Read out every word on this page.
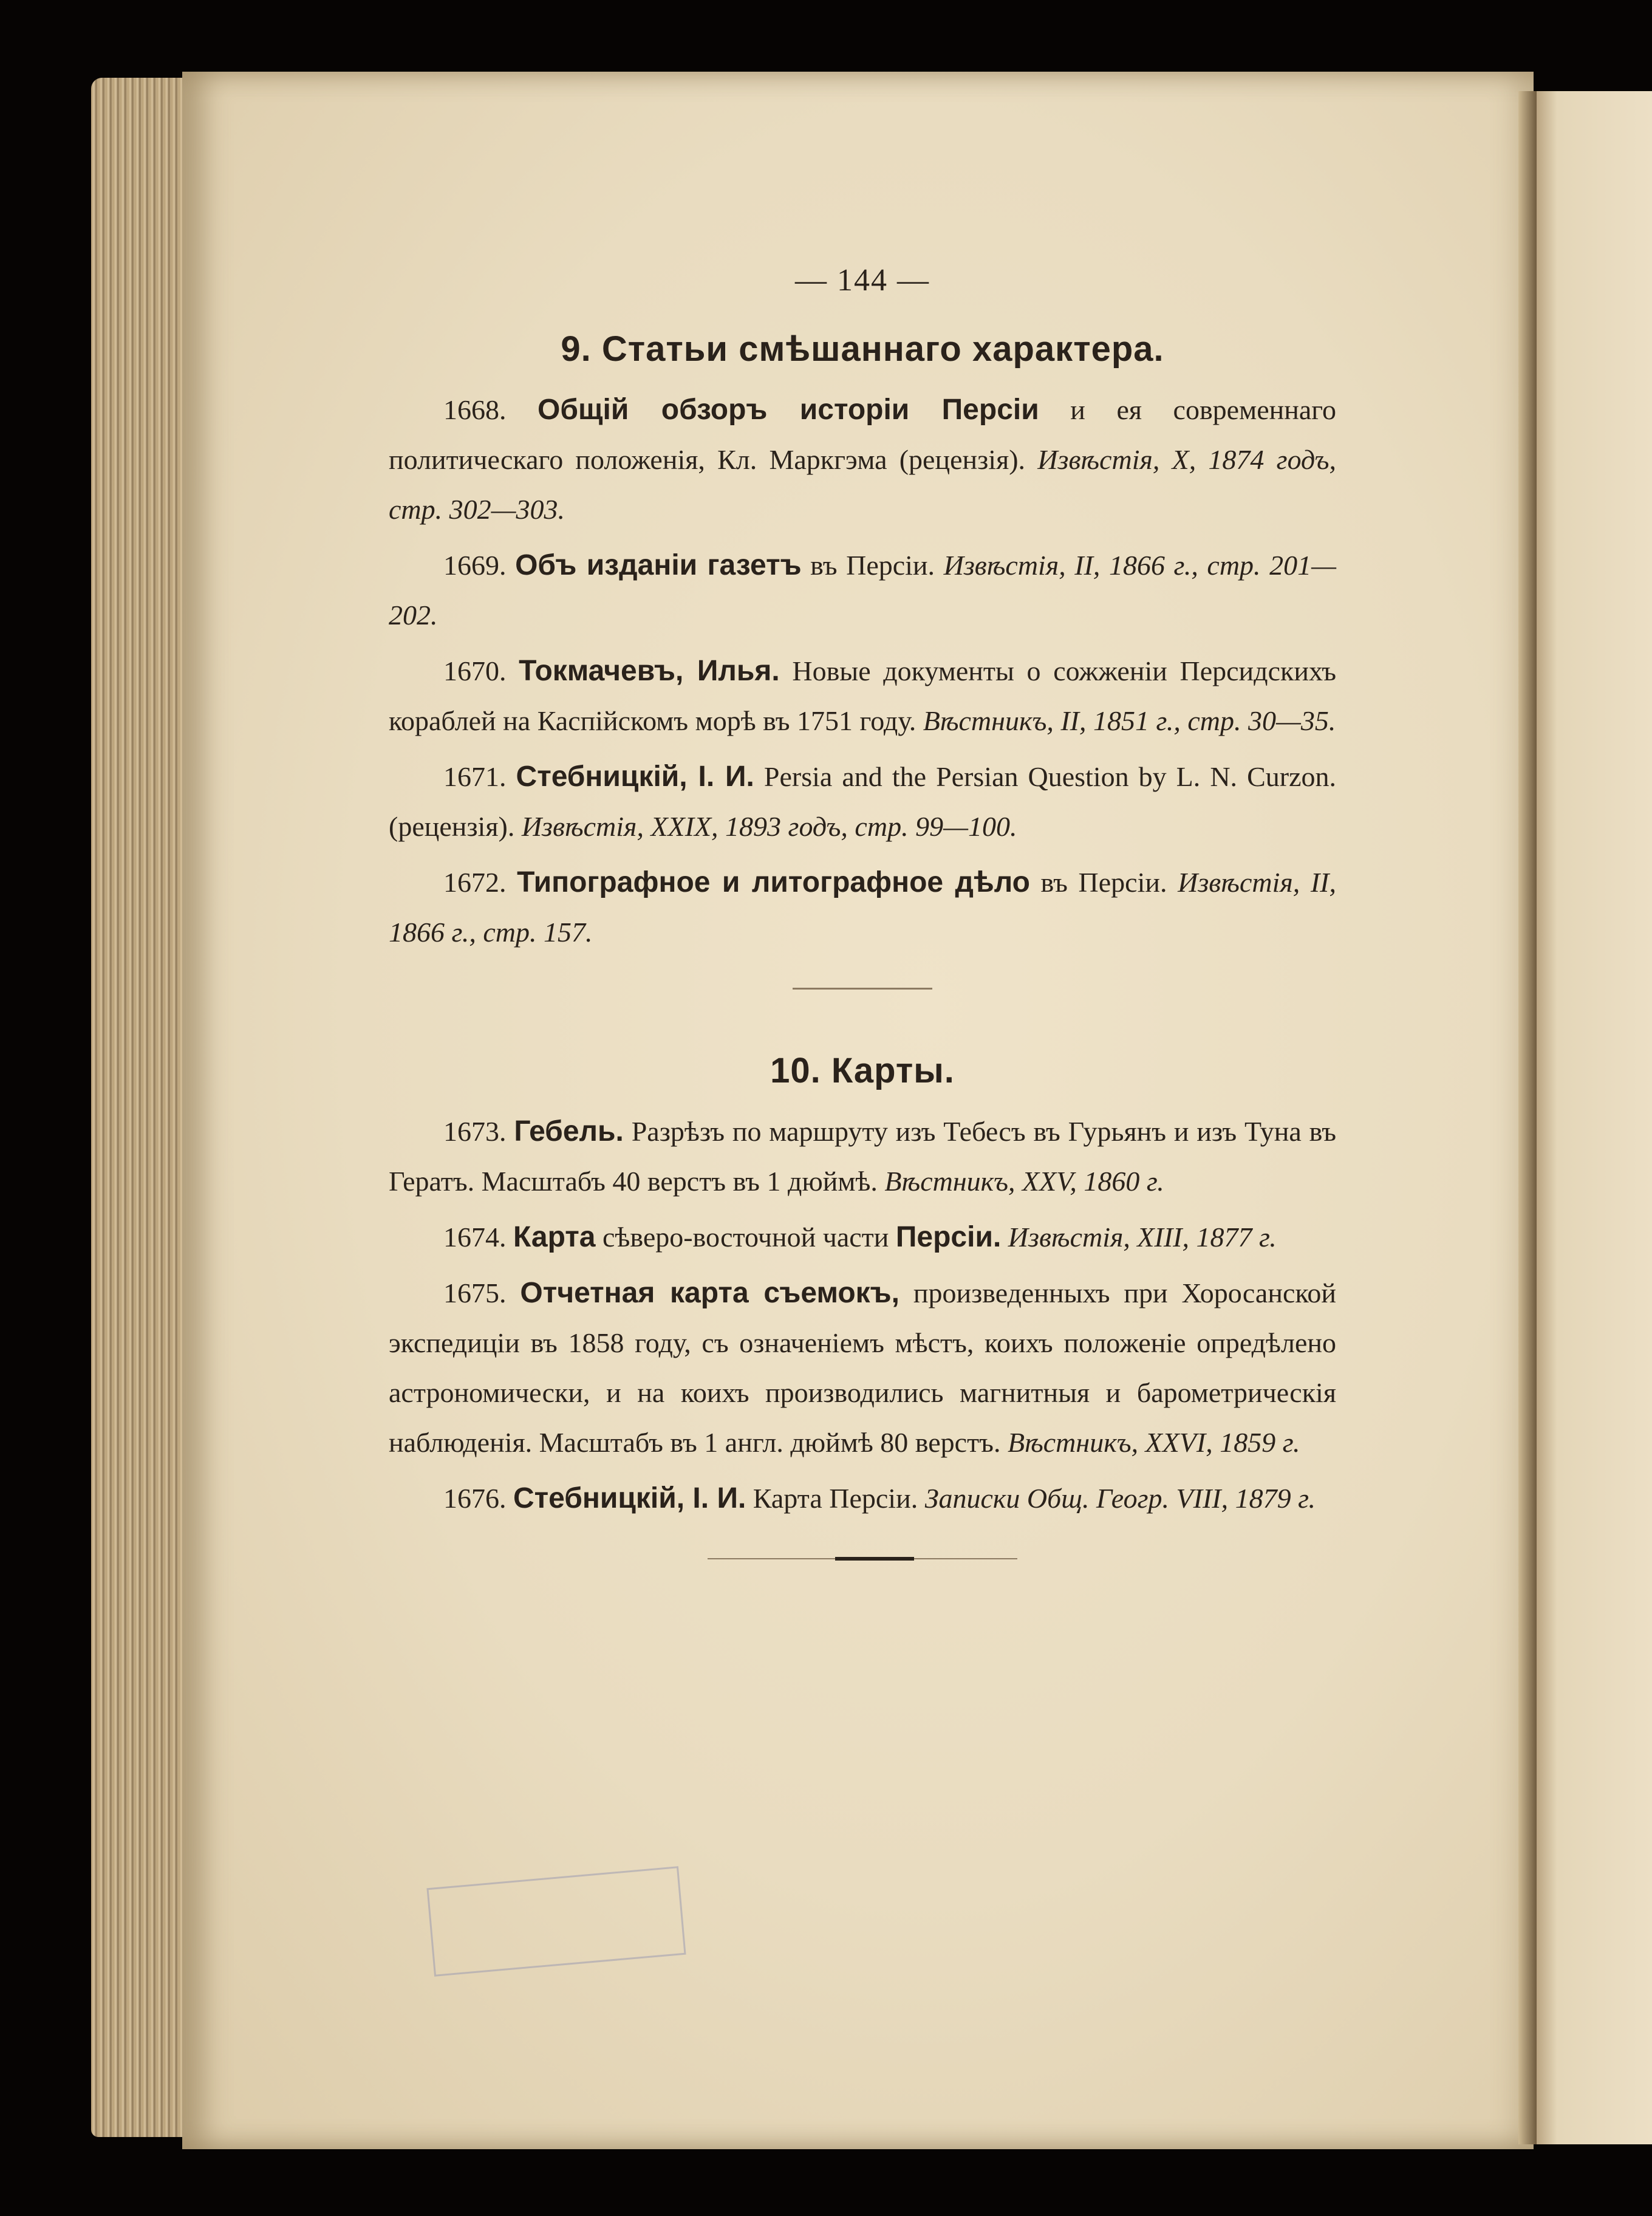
— 144 —
9. Статьи смѣшаннаго характера.

1668. Общій обзоръ исторіи Персіи и ея современнаго политическаго положенія, Кл. Маркгэма (рецензія). Извѣстія, X, 1874 годъ, стр. 302—303.

1669. Объ изданіи газетъ въ Персіи. Извѣстія, II, 1866 г., стр. 201—202.

1670. Токмачевъ, Илья. Новые документы о сожженіи Персидскихъ кораблей на Каспійскомъ морѣ въ 1751 году. Вѣстникъ, II, 1851 г., стр. 30—35.

1671. Стебницкій, І. И. Persia and the Persian Question by L. N. Curzon. (рецензія). Извѣстія, XXIX, 1893 годъ, стр. 99—100.

1672. Типографное и литографное дѣло въ Персіи. Извѣстія, II, 1866 г., стр. 157.

10. Карты.

1673. Гебель. Разрѣзъ по маршруту изъ Тебесъ въ Гурьянъ и изъ Туна въ Гератъ. Масштабъ 40 верстъ въ 1 дюймѣ. Вѣстникъ, XXV, 1860 г.

1674. Карта сѣверо-восточной части Персіи. Извѣстія, XIII, 1877 г.

1675. Отчетная карта съемокъ, произведенныхъ при Хоросанской экспедиціи въ 1858 году, съ означеніемъ мѣстъ, коихъ положеніе опредѣлено астрономически, и на коихъ производились магнитныя и барометрическія наблюденія. Масштабъ въ 1 англ. дюймѣ 80 верстъ. Вѣстникъ, XXVI, 1859 г.

1676. Стебницкій, І. И. Карта Персіи. Записки Общ. Геогр. VIII, 1879 г.
